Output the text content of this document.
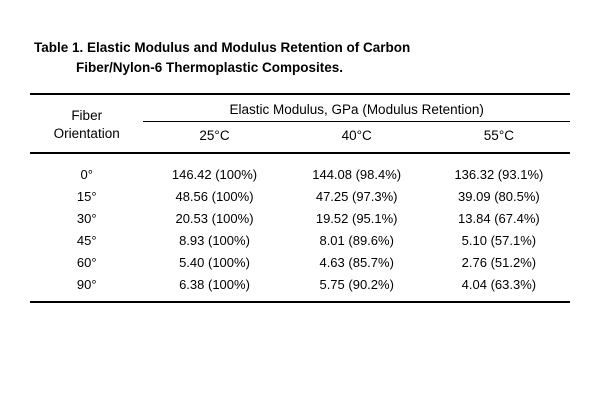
Table 1. Elastic Modulus and Modulus Retention of Carbon
Fiber/Nylon-6 Thermoplastic Composites.
Fiber
Orientation	Elastic Modulus, GPa (Modulus Retention)		
	25°C	40°C	55°C

0°	146.42 (100%)	144.08 (98.4%)	136.32 (93.1%)
15°	48.56 (100%)	47.25 (97.3%)	39.09 (80.5%)
30°	20.53 (100%)	19.52 (95.1%)	13.84 (67.4%)
45°	8.93 (100%)	8.01 (89.6%)	5.10 (57.1%)
60°	5.40 (100%)	4.63 (85.7%)	2.76 (51.2%)
90°	6.38 (100%)	5.75 (90.2%)	4.04 (63.3%)
